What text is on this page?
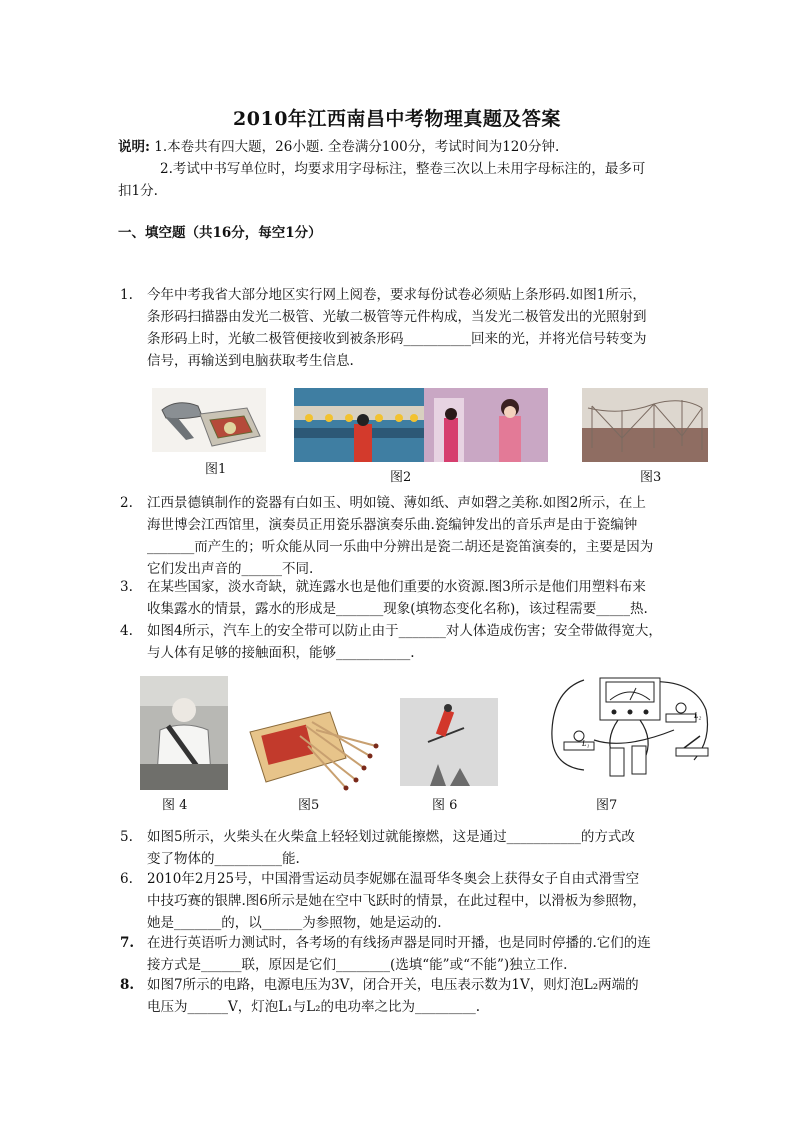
2010年江西南昌中考物理真题及答案
说明: 1.本卷共有四大题，26小题. 全卷满分100分，考试时间为120分钟.
2.考试中书写单位时，均要求用字母标注，整卷三次以上未用字母标注的，最多可
扣1分.
一、填空题（共16分，每空1分）
1. 今年中考我省大部分地区实行网上阅卷，要求每份试卷必须贴上条形码.如图1所示，
条形码扫描器由发光二极管、光敏二极管等元件构成，当发光二极管发出的光照射到
条形码上时，光敏二极管便接收到被条形码__________回来的光，并将光信号转变为
信号，再输送到电脑获取考生信息.
图1
图2	图3
2. 江西景德镇制作的瓷器有白如玉、明如镜、薄如纸、声如磬之美称.如图2所示，在上
海世博会江西馆里，演奏员正用瓷乐器演奏乐曲.瓷编钟发出的音乐声是由于瓷编钟
_______而产生的；听众能从同一乐曲中分辨出是瓷二胡还是瓷笛演奏的，主要是因为
它们发出声音的______不同.
3. 在某些国家，淡水奇缺，就连露水也是他们重要的水资源.图3所示是他们用塑料布来
收集露水的情景，露水的形成是_______现象(填物态变化名称)，该过程需要_____热.
4. 如图4所示，汽车上的安全带可以防止由于_______对人体造成伤害；安全带做得宽大，
与人体有足够的接触面积，能够___________.
图 4	图5	图 6
L₂
L₁
图7
5. 如图5所示，火柴头在火柴盒上轻轻划过就能擦燃，这是通过___________的方式改
变了物体的__________能.
6. 2010年2月25号，中国滑雪运动员李妮娜在温哥华冬奥会上获得女子自由式滑雪空
中技巧赛的银牌.图6所示是她在空中飞跃时的情景，在此过程中，以滑板为参照物，
她是_______的，以______为参照物，她是运动的.
7. 在进行英语听力测试时，各考场的有线扬声器是同时开播，也是同时停播的.它们的连
接方式是______联，原因是它们________(选填“能”或“不能”)独立工作.
8. 如图7所示的电路，电源电压为3V，闭合开关，电压表示数为1V，则灯泡L₂两端的
电压为______V，灯泡L₁与L₂的电功率之比为_________.
